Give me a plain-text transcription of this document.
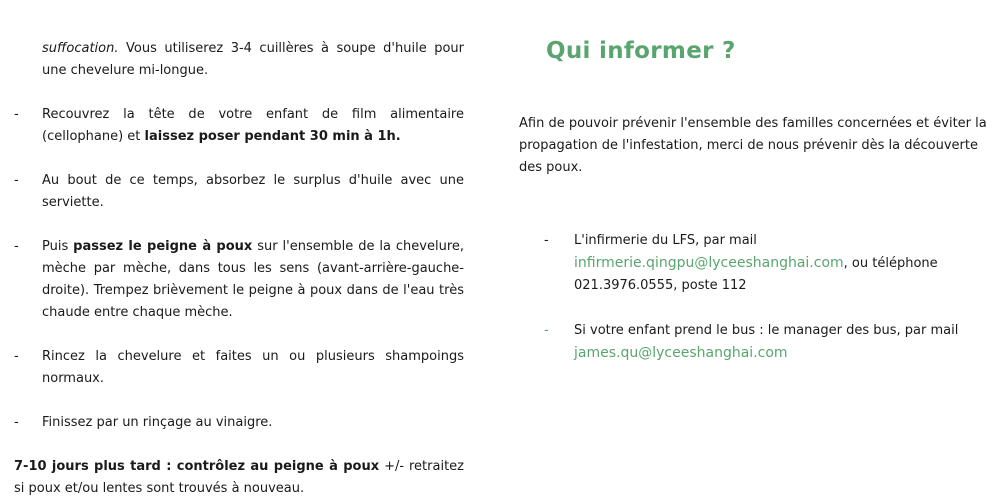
suffocation. Vous utiliserez 3-4 cuillères à soupe d'huile pour une chevelure mi-longue.
- Recouvrez la tête de votre enfant de film alimentaire (cellophane) et laissez poser pendant 30 min à 1h.
- Au bout de ce temps, absorbez le surplus d'huile avec une serviette.
- Puis passez le peigne à poux sur l'ensemble de la chevelure, mèche par mèche, dans tous les sens (avant-arrière-gauche-droite). Trempez brièvement le peigne à poux dans de l'eau très chaude entre chaque mèche.
- Rincez la chevelure et faites un ou plusieurs shampoings normaux.
- Finissez par un rinçage au vinaigre.

7-10 jours plus tard : contrôlez au peigne à poux +/- retraitez si poux et/ou lentes sont trouvés à nouveau.

Qui informer ?
Afin de pouvoir prévenir l'ensemble des familles concernées et éviter la propagation de l'infestation, merci de nous prévenir dès la découverte des poux.
-	L'infirmerie du LFS, par mail
infirmerie.qingpu@lyceeshanghai.com, ou téléphone 021.3976.0555, poste 112
-	Si votre enfant prend le bus : le manager des bus, par mail
james.qu@lyceeshanghai.com
